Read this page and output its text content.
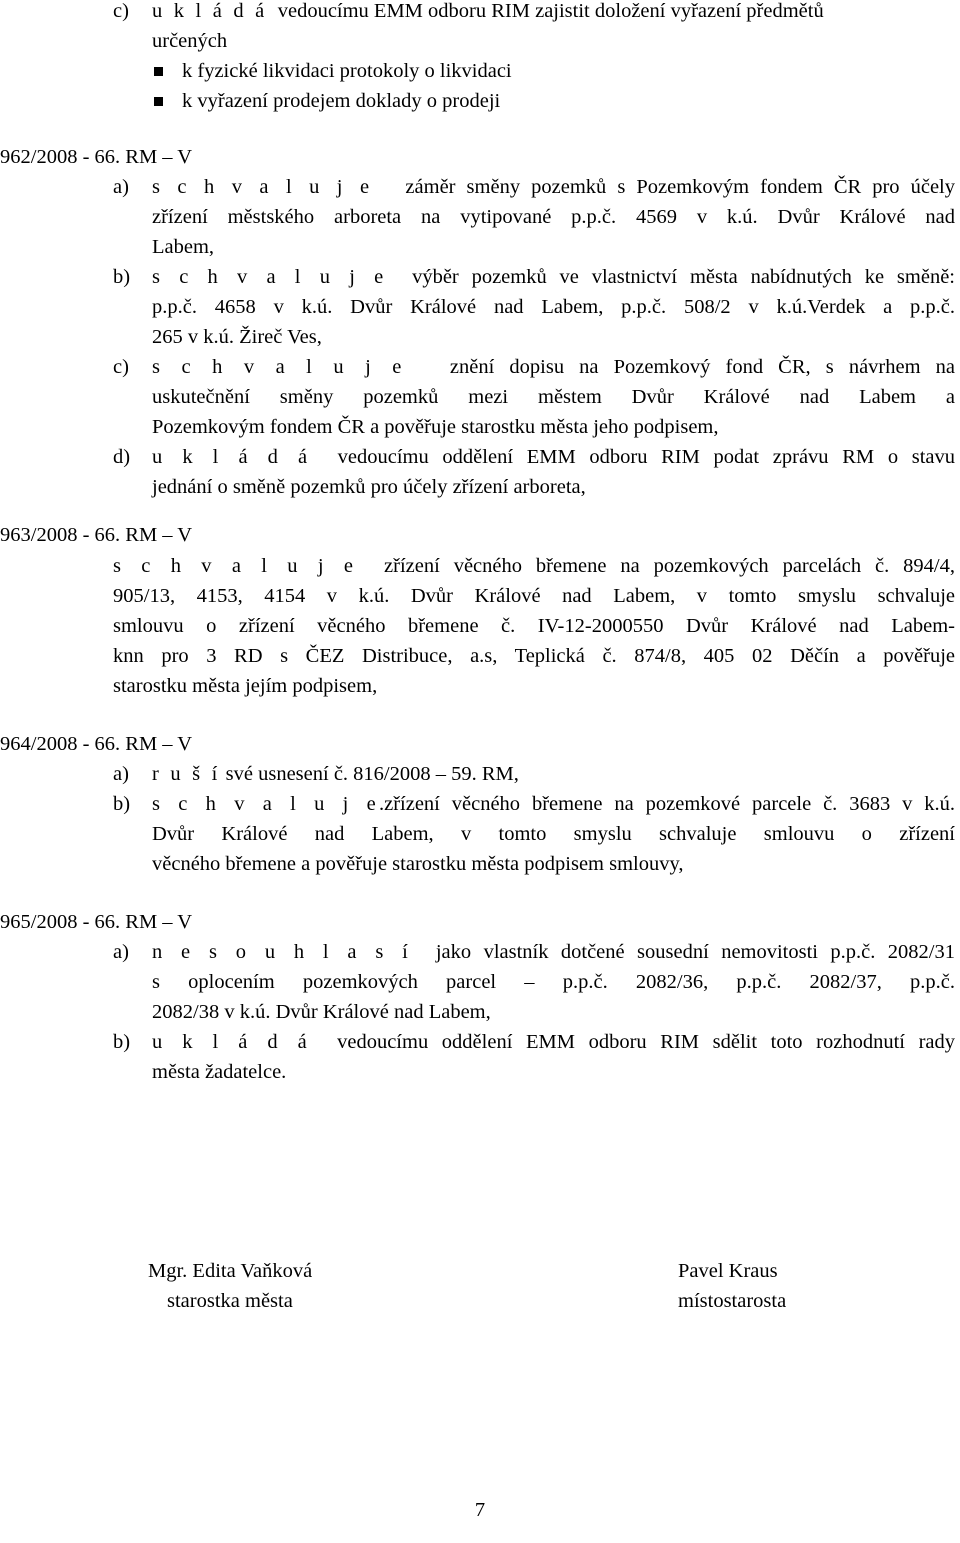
c) u k l á d á vedoucímu EMM odboru RIM zajistit doložení vyřazení předmětů
určených
k fyzické likvidaci protokoly o likvidaci
k vyřazení prodejem doklady o prodeji
962/2008 - 66. RM – V
a) s c h v a l u j e záměr směny pozemků s Pozemkovým fondem ČR pro účely
zřízení městského arboreta na vytipované p.p.č. 4569 v k.ú. Dvůr Králové nad
Labem,
b) s c h v a l u j e výběr pozemků ve vlastnictví města nabídnutých ke směně:
p.p.č. 4658 v k.ú. Dvůr Králové nad Labem, p.p.č. 508/2 v k.ú.Verdek a p.p.č.
265 v k.ú. Žireč Ves,
c) s c h v a l u j e znění dopisu na Pozemkový fond ČR, s návrhem na
uskutečnění směny pozemků mezi městem Dvůr Králové nad Labem a
Pozemkovým fondem ČR a pověřuje starostku města jeho podpisem,
d) u k l á d á vedoucímu oddělení EMM odboru RIM podat zprávu RM o stavu
jednání o směně pozemků pro účely zřízení arboreta,
963/2008 - 66. RM – V
s c h v a l u j e zřízení věcného břemene na pozemkových parcelách č. 894/4,
905/13, 4153, 4154 v k.ú. Dvůr Králové nad Labem, v tomto smyslu schvaluje
smlouvu o zřízení věcného břemene č. IV-12-2000550 Dvůr Králové nad Labem-
knn pro 3 RD s ČEZ Distribuce, a.s, Teplická č. 874/8, 405 02 Děčín a pověřuje
starostku města jejím podpisem,
964/2008 - 66. RM – V
a) r u š í své usnesení č. 816/2008 – 59. RM,
b) s c h v a l u j e.zřízení věcného břemene na pozemkové parcele č. 3683 v k.ú.
Dvůr Králové nad Labem, v tomto smyslu schvaluje smlouvu o zřízení
věcného břemene a pověřuje starostku města podpisem smlouvy,
965/2008 - 66. RM – V
a) n e s o u h l a s í jako vlastník dotčené sousední nemovitosti p.p.č. 2082/31
s oplocením pozemkových parcel – p.p.č. 2082/36, p.p.č. 2082/37, p.p.č.
2082/38 v k.ú. Dvůr Králové nad Labem,
b) u k l á d á vedoucímu oddělení EMM odboru RIM sdělit toto rozhodnutí rady
města žadatelce.
Mgr. Edita Vaňková
starostka města
Pavel Kraus
místostarosta
7
